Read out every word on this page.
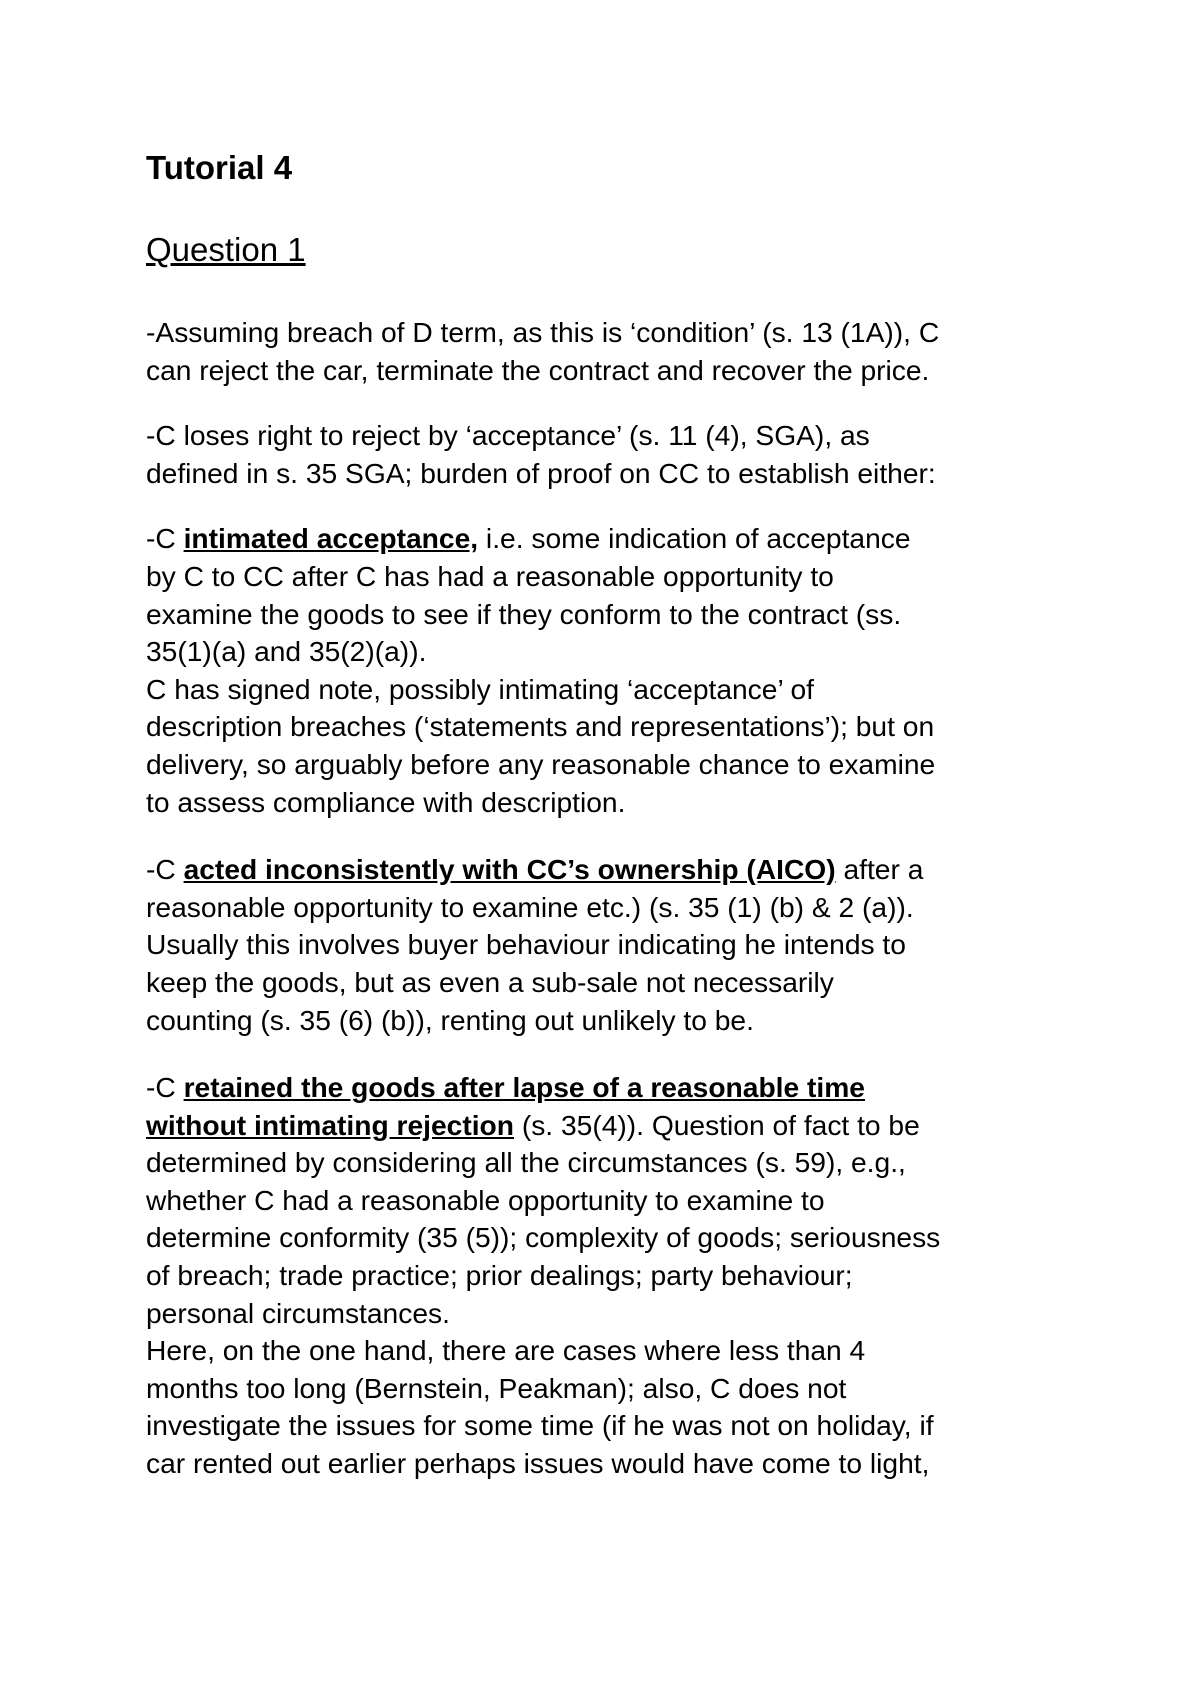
Tutorial 4
Question 1

-Assuming breach of D term, as this is ‘condition’ (s. 13 (1A)), C
can reject the car, terminate the contract and recover the price.

-C loses right to reject by ‘acceptance’ (s. 11 (4), SGA), as
defined in s. 35 SGA; burden of proof on CC to establish either:

-C intimated acceptance, i.e. some indication of acceptance
by C to CC after C has had a reasonable opportunity to
examine the goods to see if they conform to the contract (ss.
35(1)(a) and 35(2)(a)).

C has signed note, possibly intimating ‘acceptance’ of
description breaches (‘statements and representations’); but on
delivery, so arguably before any reasonable chance to examine
to assess compliance with description.

-C acted inconsistently with CC’s ownership (AICO) after a
reasonable opportunity to examine etc.) (s. 35 (1) (b) & 2 (a)).
Usually this involves buyer behaviour indicating he intends to
keep the goods, but as even a sub-sale not necessarily
counting (s. 35 (6) (b)), renting out unlikely to be.

-C retained the goods after lapse of a reasonable time
without intimating rejection (s. 35(4)). Question of fact to be
determined by considering all the circumstances (s. 59), e.g.,
whether C had a reasonable opportunity to examine to
determine conformity (35 (5)); complexity of goods; seriousness
of breach; trade practice; prior dealings; party behaviour;
personal circumstances.

Here, on the one hand, there are cases where less than 4
months too long (Bernstein, Peakman); also, C does not
investigate the issues for some time (if he was not on holiday, if
car rented out earlier perhaps issues would have come to light,
